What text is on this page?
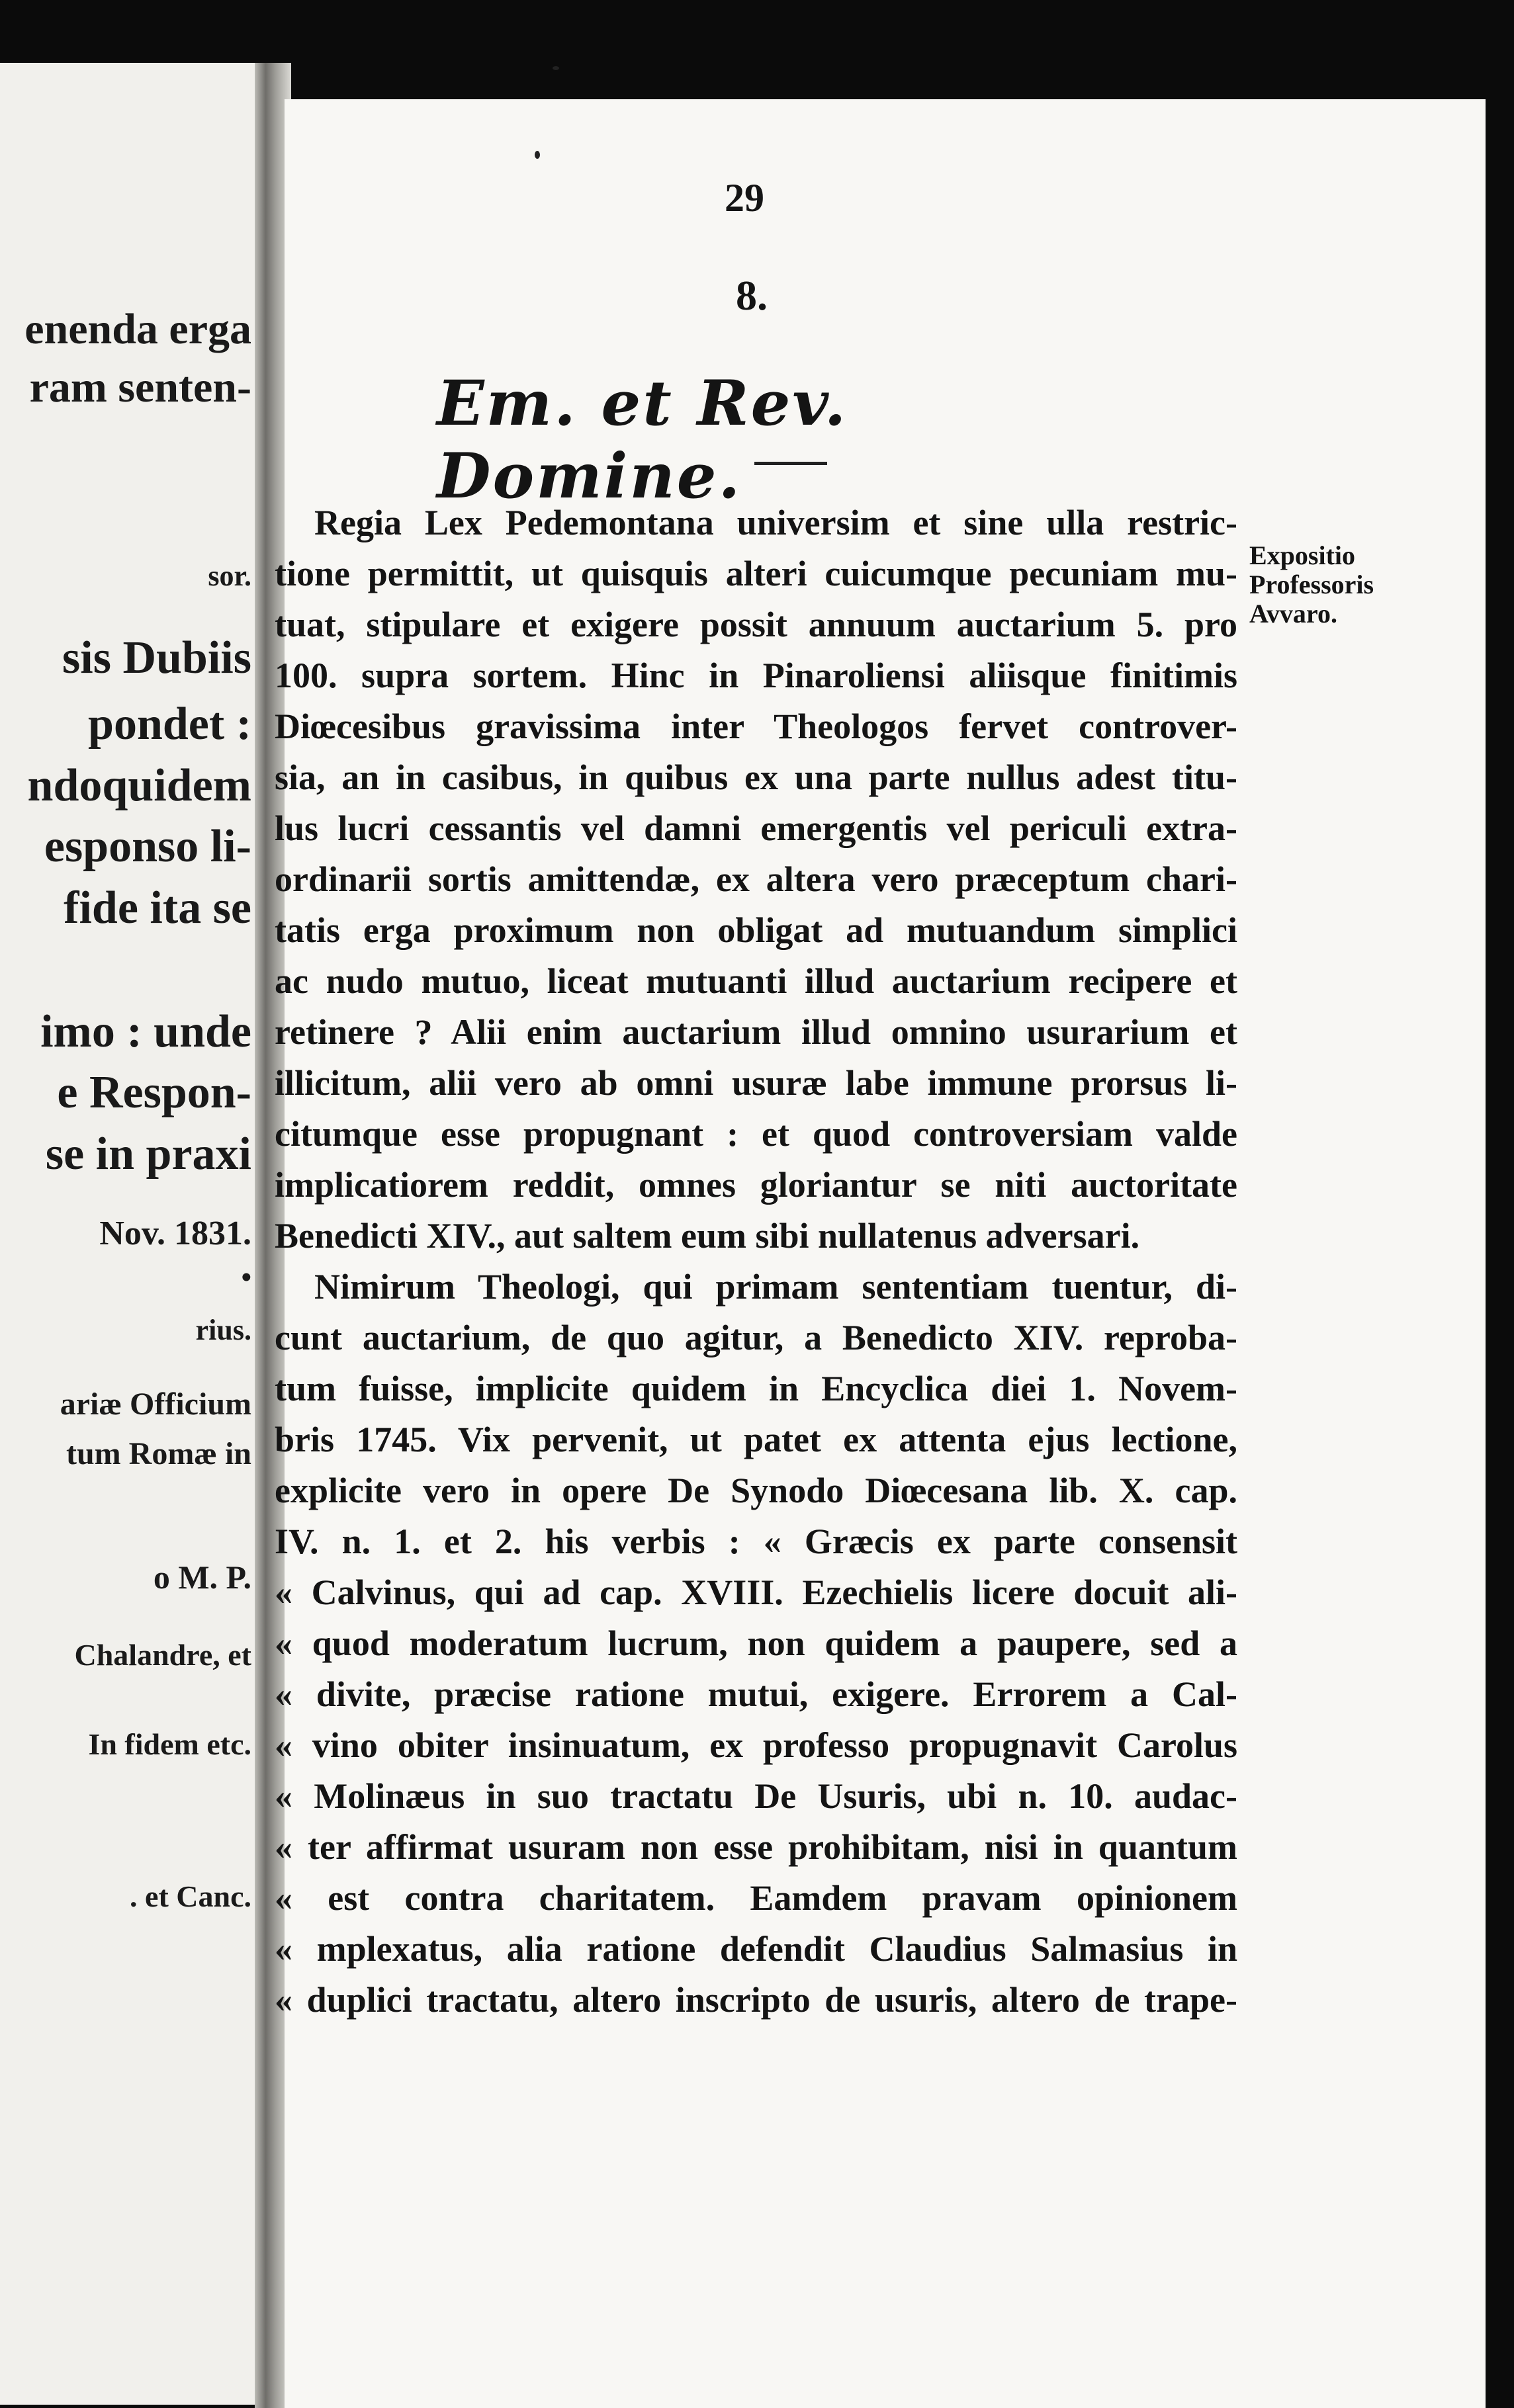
enenda erga
ram senten-
sor.
sis Dubiis
pondet :
ndoquidem
esponso li-
fide ita se
imo : unde
e Respon-
se in praxi
Nov. 1831.
•
rius.
ariæ Officium
tum Romæ in
o M. P.
Chalandre, et
In fidem etc.
. et Canc.
29
8.
Em. et Rev. Domine.
Regia Lex Pedemontana universim et sine ulla restric-
tione permittit, ut quisquis alteri cuicumque pecuniam mu-
tuat, stipulare et exigere possit annuum auctarium 5. pro
100. supra sortem. Hinc in Pinaroliensi aliisque finitimis
Diœcesibus gravissima inter Theologos fervet controver-
sia, an in casibus, in quibus ex una parte nullus adest titu-
lus lucri cessantis vel damni emergentis vel periculi extra-
ordinarii sortis amittendæ, ex altera vero præceptum chari-
tatis erga proximum non obligat ad mutuandum simplici
ac nudo mutuo, liceat mutuanti illud auctarium recipere et
retinere ? Alii enim auctarium illud omnino usurarium et
illicitum, alii vero ab omni usuræ labe immune prorsus li-
citumque esse propugnant : et quod controversiam valde
implicatiorem reddit, omnes gloriantur se niti auctoritate
Benedicti XIV., aut saltem eum sibi nullatenus adversari.
Nimirum Theologi, qui primam sententiam tuentur, di-
cunt auctarium, de quo agitur, a Benedicto XIV. reproba-
tum fuisse, implicite quidem in Encyclica diei 1. Novem-
bris 1745. Vix pervenit, ut patet ex attenta ejus lectione,
explicite vero in opere De Synodo Diœcesana lib. X. cap.
IV. n. 1. et 2. his verbis : « Græcis ex parte consensit
« Calvinus, qui ad cap. XVIII. Ezechielis licere docuit ali-
« quod moderatum lucrum, non quidem a paupere, sed a
« divite, præcise ratione mutui, exigere. Errorem a Cal-
« vino obiter insinuatum, ex professo propugnavit Carolus
« Molinæus in suo tractatu De Usuris, ubi n. 10. audac-
« ter affirmat usuram non esse prohibitam, nisi in quantum
« est contra charitatem. Eamdem pravam opinionem
« mplexatus, alia ratione defendit Claudius Salmasius in
« duplici tractatu, altero inscripto de usuris, altero de trape-
Expositio
Professoris
Avvaro.
